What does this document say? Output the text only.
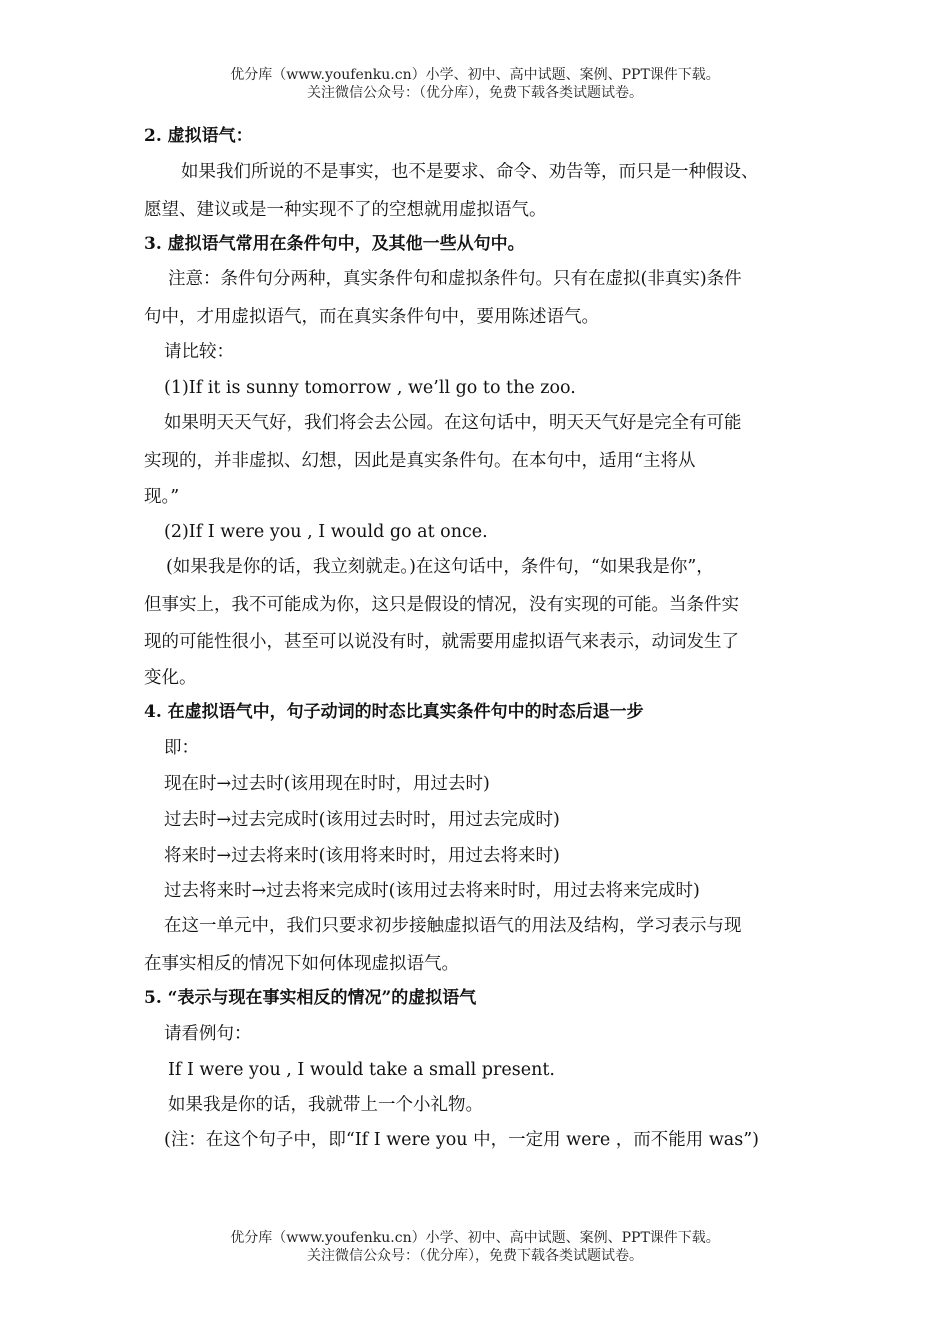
优分库（www.youfenku.cn）小学、初中、高中试题、案例、PPT课件下载。
关注微信公众号：（优分库），免费下载各类试题试卷。
2. 虚拟语气：
如果我们所说的不是事实，也不是要求、命令、劝告等，而只是一种假设、
愿望、建议或是一种实现不了的空想就用虚拟语气。
3. 虚拟语气常用在条件句中，及其他一些从句中。
注意：条件句分两种，真实条件句和虚拟条件句。只有在虚拟(非真实)条件
句中，才用虚拟语气，而在真实条件句中，要用陈述语气。
请比较：
(1)If it is sunny tomorrow , we’ll go to the zoo.
如果明天天气好，我们将会去公园。在这句话中，明天天气好是完全有可能
实现的，并非虚拟、幻想，因此是真实条件句。在本句中，适用“主将从
现。”
(2)If I were you , I would go at once.
(如果我是你的话，我立刻就走。)在这句话中，条件句，“如果我是你”，
但事实上，我不可能成为你，这只是假设的情况，没有实现的可能。当条件实
现的可能性很小，甚至可以说没有时，就需要用虚拟语气来表示，动词发生了
变化。
4. 在虚拟语气中，句子动词的时态比真实条件句中的时态后退一步
即：
现在时→过去时(该用现在时时，用过去时)
过去时→过去完成时(该用过去时时，用过去完成时)
将来时→过去将来时(该用将来时时，用过去将来时)
过去将来时→过去将来完成时(该用过去将来时时，用过去将来完成时)
在这一单元中，我们只要求初步接触虚拟语气的用法及结构，学习表示与现
在事实相反的情况下如何体现虚拟语气。
5. “表示与现在事实相反的情况”的虚拟语气
请看例句：
If I were you , I would take a small present.
如果我是你的话，我就带上一个小礼物。
(注：在这个句子中，即“If I were you 中，一定用 were ，而不能用 was”)
优分库（www.youfenku.cn）小学、初中、高中试题、案例、PPT课件下载。
关注微信公众号：（优分库），免费下载各类试题试卷。
